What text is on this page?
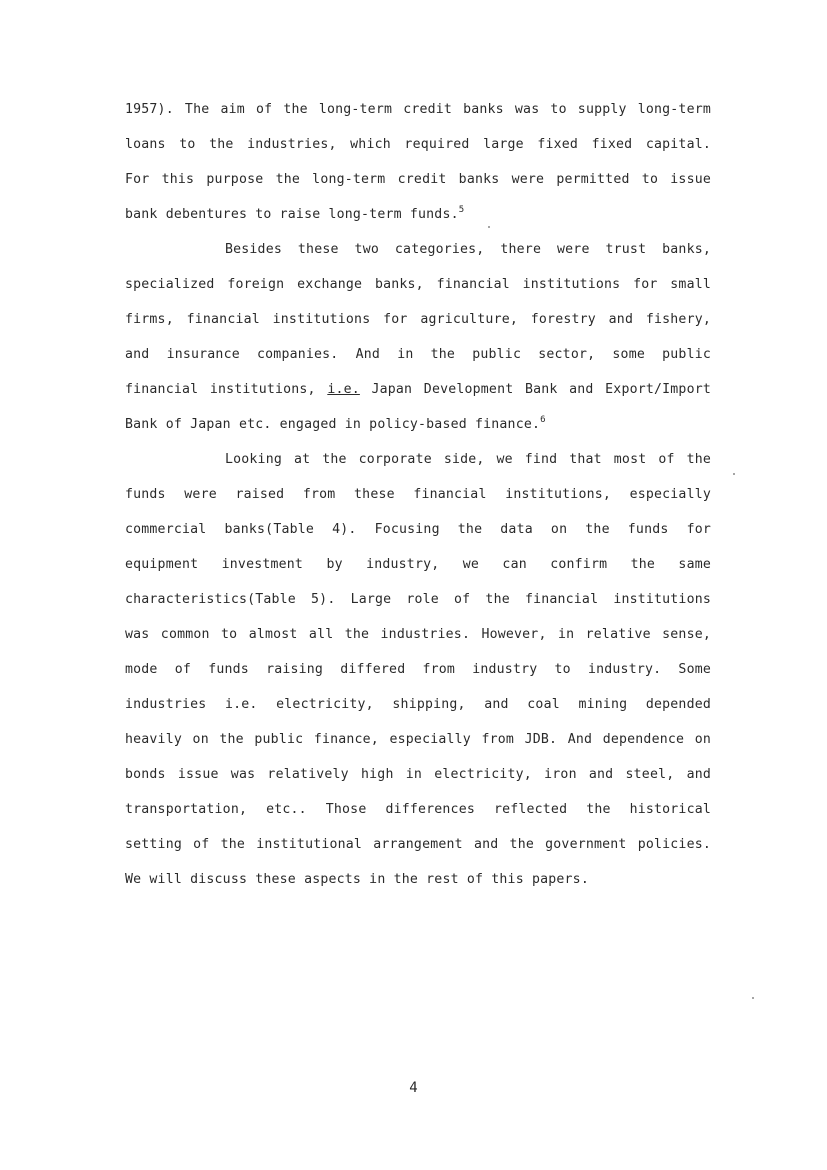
1957). The aim of the long-term credit banks was to supply long-term
loans to the industries, which required large fixed fixed capital.
For this purpose the long-term credit banks were permitted to issue
bank debentures to raise long-term funds.$^5$
Besides these two categories, there were trust banks,
specialized foreign exchange banks, financial institutions for small
firms, financial institutions for agriculture, forestry and fishery,
and insurance companies. And in the public sector, some public
financial institutions, i.e. Japan Development Bank and Export/Import
Bank of Japan etc. engaged in policy-based finance.$^6$
Looking at the corporate side, we find that most of the
funds were raised from these financial institutions, especially
commercial banks(Table 4). Focusing the data on the funds for
equipment investment by industry, we can confirm the same
characteristics(Table 5). Large role of the financial institutions
was common to almost all the industries. However, in relative sense,
mode of funds raising differed from industry to industry. Some
industries i.e. electricity, shipping, and coal mining depended
heavily on the public finance, especially from JDB. And dependence on
bonds issue was relatively high in electricity, iron and steel, and
transportation, etc.. Those differences reflected the historical
setting of the institutional arrangement and the government policies.
We will discuss these aspects in the rest of this papers.
4
